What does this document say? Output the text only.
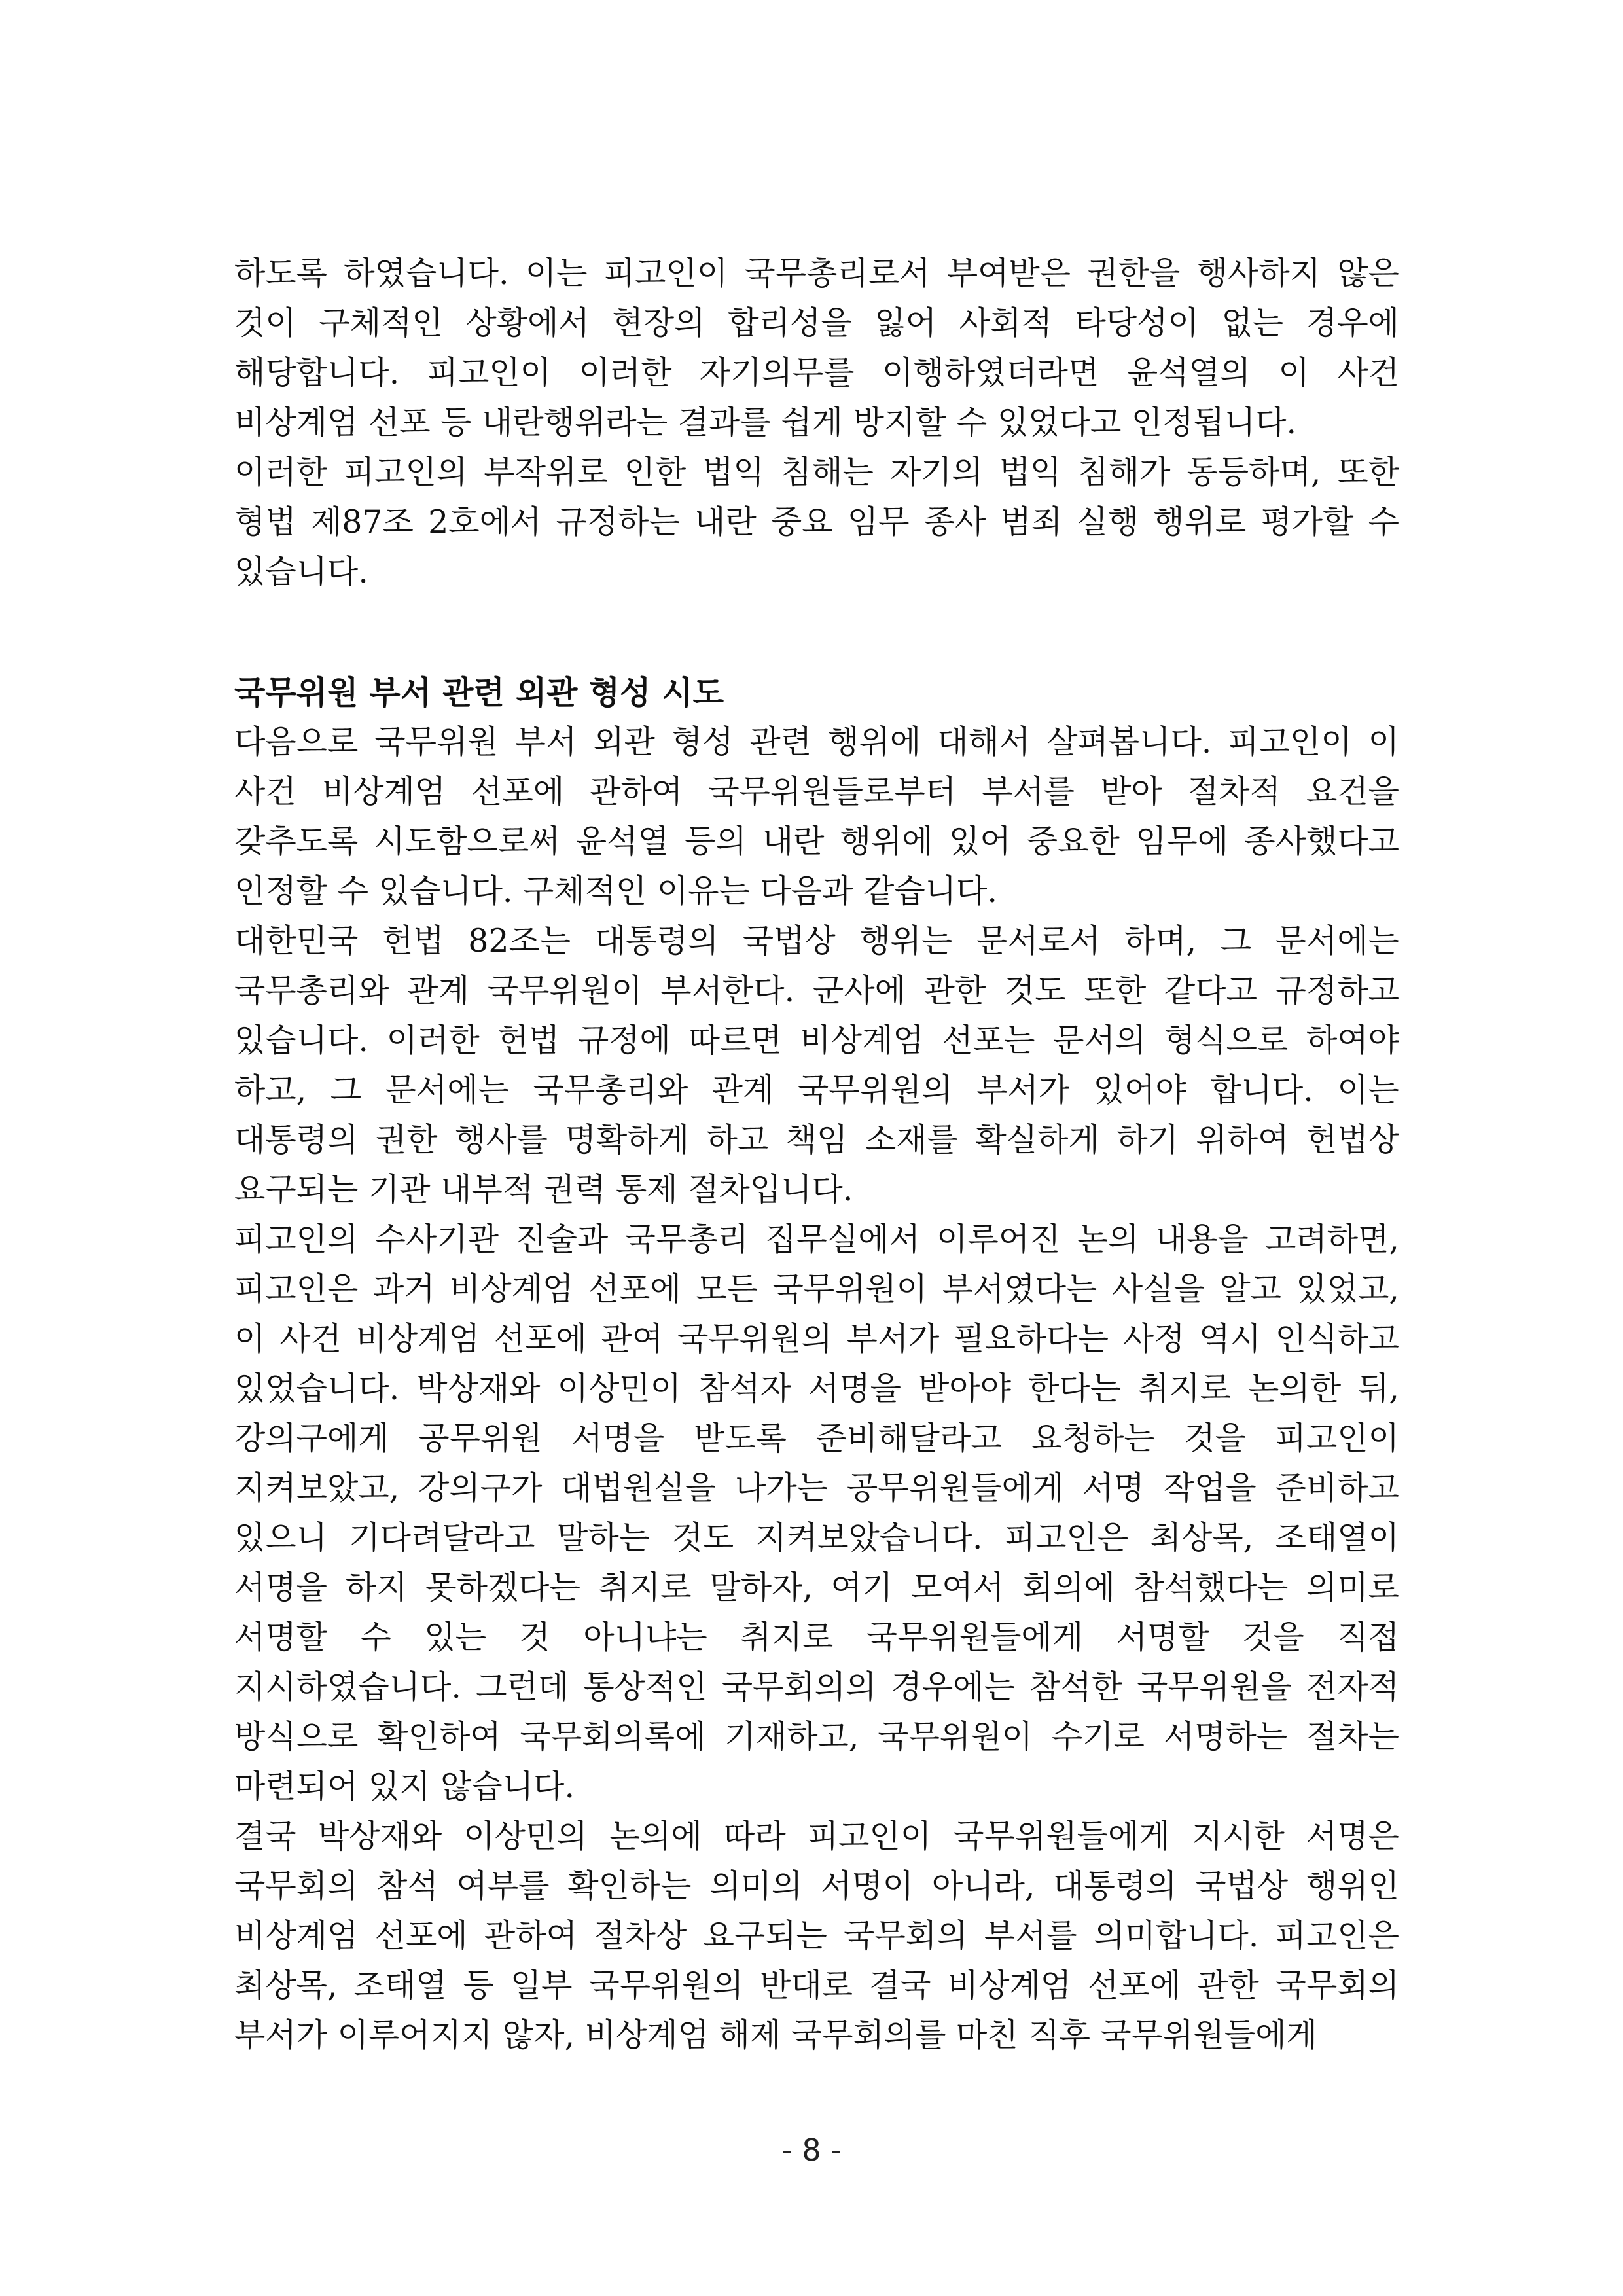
하도록 하였습니다. 이는 피고인이 국무총리로서 부여받은 권한을 행사하지 않은 것이 구체적인 상황에서 현장의 합리성을 잃어 사회적 타당성이 없는 경우에 해당합니다. 피고인이 이러한 자기의무를 이행하였더라면 윤석열의 이 사건 비상계엄 선포 등 내란행위라는 결과를 쉽게 방지할 수 있었다고 인정됩니다.

이러한 피고인의 부작위로 인한 법익 침해는 자기의 법익 침해가 동등하며, 또한 형법 제87조 2호에서 규정하는 내란 중요 임무 종사 범죄 실행 행위로 평가할 수 있습니다.

국무위원 부서 관련 외관 형성 시도

다음으로 국무위원 부서 외관 형성 관련 행위에 대해서 살펴봅니다. 피고인이 이 사건 비상계엄 선포에 관하여 국무위원들로부터 부서를 받아 절차적 요건을 갖추도록 시도함으로써 윤석열 등의 내란 행위에 있어 중요한 임무에 종사했다고 인정할 수 있습니다. 구체적인 이유는 다음과 같습니다.

대한민국 헌법 82조는 대통령의 국법상 행위는 문서로서 하며, 그 문서에는 국무총리와 관계 국무위원이 부서한다. 군사에 관한 것도 또한 같다고 규정하고 있습니다. 이러한 헌법 규정에 따르면 비상계엄 선포는 문서의 형식으로 하여야 하고, 그 문서에는 국무총리와 관계 국무위원의 부서가 있어야 합니다. 이는 대통령의 권한 행사를 명확하게 하고 책임 소재를 확실하게 하기 위하여 헌법상 요구되는 기관 내부적 권력 통제 절차입니다.

피고인의 수사기관 진술과 국무총리 집무실에서 이루어진 논의 내용을 고려하면, 피고인은 과거 비상계엄 선포에 모든 국무위원이 부서였다는 사실을 알고 있었고, 이 사건 비상계엄 선포에 관여 국무위원의 부서가 필요하다는 사정 역시 인식하고 있었습니다. 박상재와 이상민이 참석자 서명을 받아야 한다는 취지로 논의한 뒤, 강의구에게 공무위원 서명을 받도록 준비해달라고 요청하는 것을 피고인이 지켜보았고, 강의구가 대법원실을 나가는 공무위원들에게 서명 작업을 준비하고 있으니 기다려달라고 말하는 것도 지켜보았습니다. 피고인은 최상목, 조태열이 서명을 하지 못하겠다는 취지로 말하자, 여기 모여서 회의에 참석했다는 의미로 서명할 수 있는 것 아니냐는 취지로 국무위원들에게 서명할 것을 직접 지시하였습니다. 그런데 통상적인 국무회의의 경우에는 참석한 국무위원을 전자적 방식으로 확인하여 국무회의록에 기재하고, 국무위원이 수기로 서명하는 절차는 마련되어 있지 않습니다.

결국 박상재와 이상민의 논의에 따라 피고인이 국무위원들에게 지시한 서명은 국무회의 참석 여부를 확인하는 의미의 서명이 아니라, 대통령의 국법상 행위인 비상계엄 선포에 관하여 절차상 요구되는 국무회의 부서를 의미합니다. 피고인은 최상목, 조태열 등 일부 국무위원의 반대로 결국 비상계엄 선포에 관한 국무회의 부서가 이루어지지 않자, 비상계엄 해제 국무회의를 마친 직후 국무위원들에게

- 8 -
